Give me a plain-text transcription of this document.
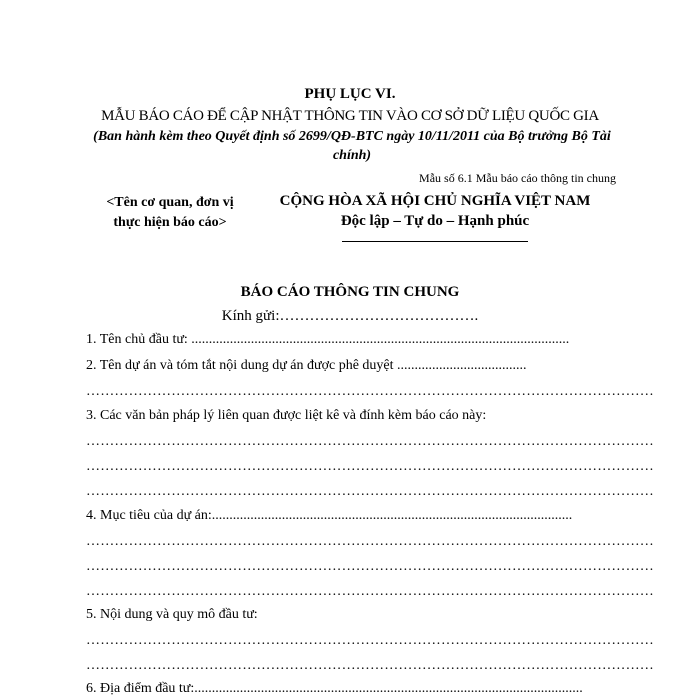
PHỤ LỤC VI.
MẪU BÁO CÁO ĐỂ CẬP NHẬT THÔNG TIN VÀO CƠ SỞ DỮ LIỆU QUỐC GIA
(Ban hành kèm theo Quyết định số 2699/QĐ-BTC ngày 10/11/2011 của Bộ trưởng Bộ Tài chính)
Mẫu số 6.1 Mẫu báo cáo thông tin chung
<Tên cơ quan, đơn vị
thực hiện báo cáo>
CỘNG HÒA XÃ HỘI CHỦ NGHĨA VIỆT NAM
Độc lập – Tự do – Hạnh phúc
BÁO CÁO THÔNG TIN CHUNG
Kính gửi:………………………………….
1. Tên chủ đầu tư: ............................................................................................................
2. Tên dự án và tóm tắt nội dung dự án được phê duyệt .....................................
…………………………………………………………………………………………………………
3. Các văn bản pháp lý liên quan được liệt kê và đính kèm báo cáo này:
…………………………………………………………………………………………………………
…………………………………………………………………………………………………………
…………………………………………………………………………………………………………
4. Mục tiêu của dự án:.......................................................................................................
…………………………………………………………………………………………………………
…………………………………………………………………………………………………………
…………………………………………………………………………………………………………
5. Nội dung và quy mô đầu tư:
…………………………………………………………………………………………………………
…………………………………………………………………………………………………………
6. Địa điểm đầu tư:...............................................................................................................
